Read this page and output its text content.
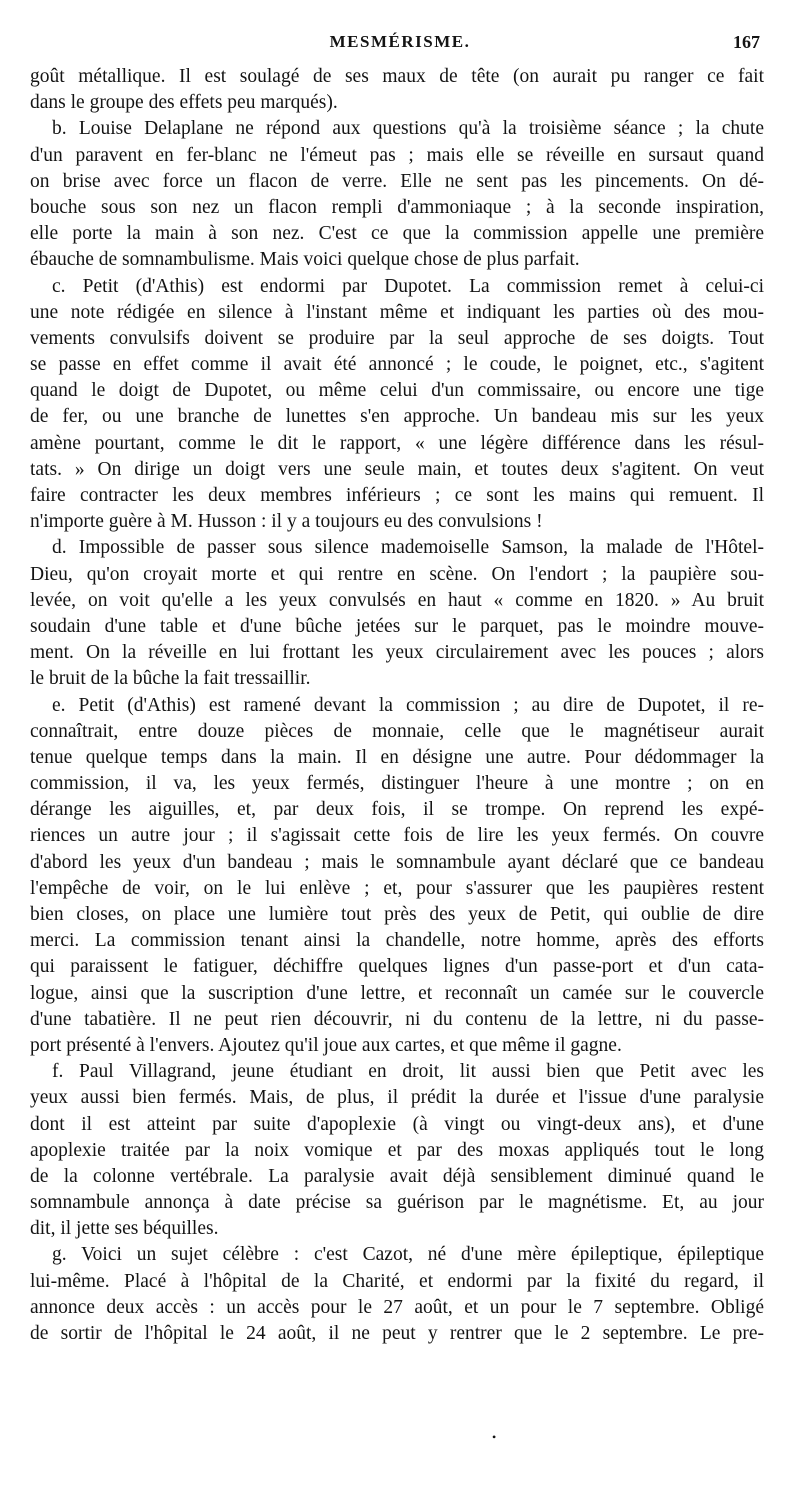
MESMÉRISME.	167
goût métallique. Il est soulagé de ses maux de tête (on aurait pu ranger ce fait
dans le groupe des effets peu marqués).
b. Louise Delaplane ne répond aux questions qu'à la troisième séance ; la chute
d'un paravent en fer-blanc ne l'émeut pas ; mais elle se réveille en sursaut quand
on brise avec force un flacon de verre. Elle ne sent pas les pincements. On dé-
bouche sous son nez un flacon rempli d'ammoniaque ; à la seconde inspiration,
elle porte la main à son nez. C'est ce que la commission appelle une première
ébauche de somnambulisme. Mais voici quelque chose de plus parfait.
c. Petit (d'Athis) est endormi par Dupotet. La commission remet à celui-ci
une note rédigée en silence à l'instant même et indiquant les parties où des mou-
vements convulsifs doivent se produire par la seul approche de ses doigts. Tout
se passe en effet comme il avait été annoncé ; le coude, le poignet, etc., s'agitent
quand le doigt de Dupotet, ou même celui d'un commissaire, ou encore une tige
de fer, ou une branche de lunettes s'en approche. Un bandeau mis sur les yeux
amène pourtant, comme le dit le rapport, « une légère différence dans les résul-
tats. » On dirige un doigt vers une seule main, et toutes deux s'agitent. On veut
faire contracter les deux membres inférieurs ; ce sont les mains qui remuent. Il
n'importe guère à M. Husson : il y a toujours eu des convulsions !
d. Impossible de passer sous silence mademoiselle Samson, la malade de l'Hôtel-
Dieu, qu'on croyait morte et qui rentre en scène. On l'endort ; la paupière sou-
levée, on voit qu'elle a les yeux convulsés en haut « comme en 1820. » Au bruit
soudain d'une table et d'une bûche jetées sur le parquet, pas le moindre mouve-
ment. On la réveille en lui frottant les yeux circulairement avec les pouces ; alors
le bruit de la bûche la fait tressaillir.
e. Petit (d'Athis) est ramené devant la commission ; au dire de Dupotet, il re-
connaîtrait, entre douze pièces de monnaie, celle que le magnétiseur aurait
tenue quelque temps dans la main. Il en désigne une autre. Pour dédommager la
commission, il va, les yeux fermés, distinguer l'heure à une montre ; on en
dérange les aiguilles, et, par deux fois, il se trompe. On reprend les expé-
riences un autre jour ; il s'agissait cette fois de lire les yeux fermés. On couvre
d'abord les yeux d'un bandeau ; mais le somnambule ayant déclaré que ce bandeau
l'empêche de voir, on le lui enlève ; et, pour s'assurer que les paupières restent
bien closes, on place une lumière tout près des yeux de Petit, qui oublie de dire
merci. La commission tenant ainsi la chandelle, notre homme, après des efforts
qui paraissent le fatiguer, déchiffre quelques lignes d'un passe-port et d'un cata-
logue, ainsi que la suscription d'une lettre, et reconnaît un camée sur le couvercle
d'une tabatière. Il ne peut rien découvrir, ni du contenu de la lettre, ni du passe-
port présenté à l'envers. Ajoutez qu'il joue aux cartes, et que même il gagne.
f. Paul Villagrand, jeune étudiant en droit, lit aussi bien que Petit avec les
yeux aussi bien fermés. Mais, de plus, il prédit la durée et l'issue d'une paralysie
dont il est atteint par suite d'apoplexie (à vingt ou vingt-deux ans), et d'une
apoplexie traitée par la noix vomique et par des moxas appliqués tout le long
de la colonne vertébrale. La paralysie avait déjà sensiblement diminué quand le
somnambule annonça à date précise sa guérison par le magnétisme. Et, au jour
dit, il jette ses béquilles.
g. Voici un sujet célèbre : c'est Cazot, né d'une mère épileptique, épileptique
lui-même. Placé à l'hôpital de la Charité, et endormi par la fixité du regard, il
annonce deux accès : un accès pour le 27 août, et un pour le 7 septembre. Obligé
de sortir de l'hôpital le 24 août, il ne peut y rentrer que le 2 septembre. Le pre-
•
